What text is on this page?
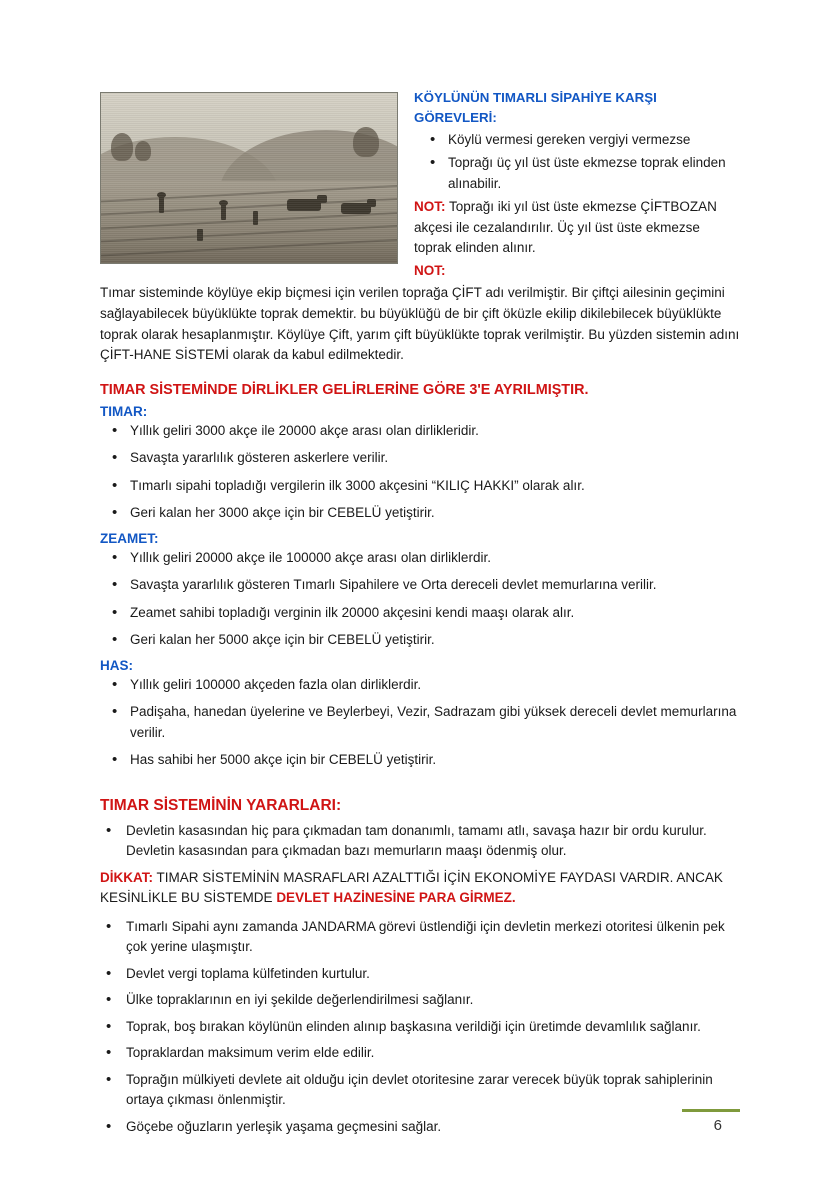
KÖYLÜNÜN TIMARLI SİPAHİYE KARŞI GÖREVLERİ:
• Köylü vermesi gereken vergiyi vermezse
• Toprağı üç yıl üst üste ekmezse toprak elinden alınabilir.

NOT: Toprağı iki yıl üst üste ekmezse ÇİFTBOZAN akçesi ile cezalandırılır. Üç yıl üst üste ekmezse toprak elinden alınır.

NOT:

Tımar sisteminde köylüye ekip biçmesi için verilen toprağa ÇİFT adı verilmiştir. Bir çiftçi ailesinin geçimini sağlayabilecek büyüklükte toprak demektir. bu büyüklüğü de bir çift öküzle ekilip dikilebilecek büyüklükte toprak olarak hesaplanmıştır. Köylüye Çift, yarım çift büyüklükte toprak verilmiştir. Bu yüzden sistemin adını ÇİFT-HANE SİSTEMİ olarak da kabul edilmektedir.

TIMAR SİSTEMİNDE DİRLİKLER GELİRLERİNE GÖRE 3'E AYRILMIŞTIR.
TIMAR:
• Yıllık geliri 3000 akçe ile 20000 akçe arası olan dirlikleridir.
• Savaşta yararlılık gösteren askerlere verilir.
• Tımarlı sipahi topladığı vergilerin ilk 3000 akçesini “KILIÇ HAKKI” olarak alır.
• Geri kalan her 3000 akçe için bir CEBELÜ yetiştirir.
ZEAMET:
• Yıllık geliri 20000 akçe ile 100000 akçe arası olan dirliklerdir.
• Savaşta yararlılık gösteren Tımarlı Sipahilere ve Orta dereceli devlet memurlarına verilir.
• Zeamet sahibi topladığı verginin ilk 20000 akçesini kendi maaşı olarak alır.
• Geri kalan her 5000 akçe için bir CEBELÜ yetiştirir.
HAS:
• Yıllık geliri 100000 akçeden fazla olan dirliklerdir.
• Padişaha, hanedan üyelerine ve Beylerbeyi, Vezir, Sadrazam gibi yüksek dereceli devlet memurlarına verilir.
• Has sahibi her 5000 akçe için bir CEBELÜ yetiştirir.
TIMAR SİSTEMİNİN YARARLARI:
• Devletin kasasından hiç para çıkmadan tam donanımlı, tamamı atlı, savaşa hazır bir ordu kurulur. Devletin kasasından para çıkmadan bazı memurların maaşı ödenmiş olur.

DİKKAT: TIMAR SİSTEMİNİN MASRAFLARI AZALTTIĞI İÇİN EKONOMİYE FAYDASI VARDIR. ANCAK KESİNLİKLE BU SİSTEMDE DEVLET HAZİNESİNE PARA GİRMEZ.

• Tımarlı Sipahi aynı zamanda JANDARMA görevi üstlendiği için devletin merkezi otoritesi ülkenin pek çok yerine ulaşmıştır.
• Devlet vergi toplama külfetinden kurtulur.
• Ülke topraklarının en iyi şekilde değerlendirilmesi sağlanır.
• Toprak, boş bırakan köylünün elinden alınıp başkasına verildiği için üretimde devamlılık sağlanır.
• Topraklardan maksimum verim elde edilir.
• Toprağın mülkiyeti devlete ait olduğu için devlet otoritesine zarar verecek büyük toprak sahiplerinin ortaya çıkması önlenmiştir.
• Göçebe oğuzların yerleşik yaşama geçmesini sağlar.	6
